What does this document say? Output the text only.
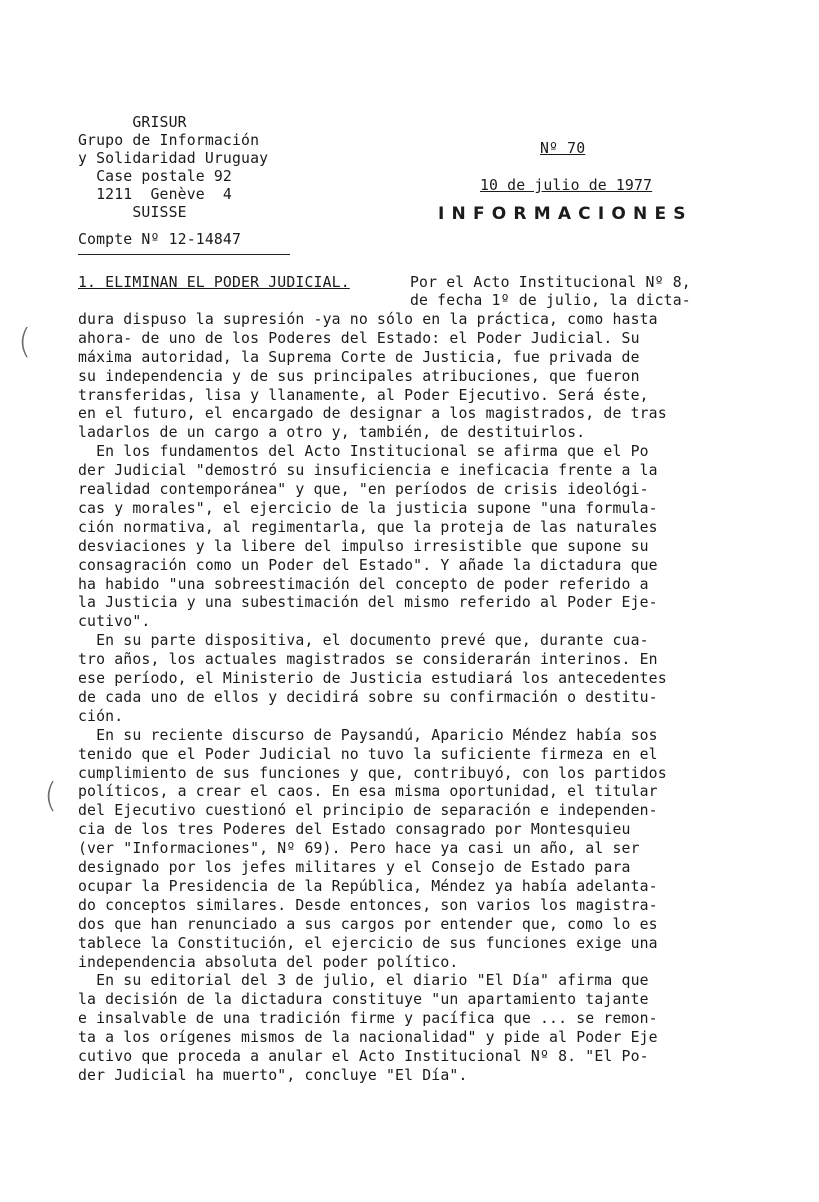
GRISUR
Grupo de Información
y Solidaridad Uruguay
Case postale 92
1211  Genève  4
SUISSE
Compte Nº 12-14847
Nº 70
10 de julio de 1977
INFORMACIONES
1. ELIMINAN EL PODER JUDICIAL.	Por el Acto Institucional Nº 8,
de fecha 1º de julio, la dicta-
dura dispuso la supresión -ya no sólo en la práctica, como hasta
ahora- de uno de los Poderes del Estado: el Poder Judicial. Su
máxima autoridad, la Suprema Corte de Justicia, fue privada de
su independencia y de sus principales atribuciones, que fueron
transferidas, lisa y llanamente, al Poder Ejecutivo. Será éste,
en el futuro, el encargado de designar a los magistrados, de tras
ladarlos de un cargo a otro y, también, de destituirlos.
En los fundamentos del Acto Institucional se afirma que el Po
der Judicial "demostró su insuficiencia e ineficacia frente a la
realidad contemporánea" y que, "en períodos de crisis ideológi-
cas y morales", el ejercicio de la justicia supone "una formula-
ción normativa, al regimentarla, que la proteja de las naturales
desviaciones y la libere del impulso irresistible que supone su
consagración como un Poder del Estado". Y añade la dictadura que
ha habido "una sobreestimación del concepto de poder referido a
la Justicia y una subestimación del mismo referido al Poder Eje-
cutivo".
En su parte dispositiva, el documento prevé que, durante cua-
tro años, los actuales magistrados se considerarán interinos. En
ese período, el Ministerio de Justicia estudiará los antecedentes
de cada uno de ellos y decidirá sobre su confirmación o destitu-
ción.
En su reciente discurso de Paysandú, Aparicio Méndez había sos
tenido que el Poder Judicial no tuvo la suficiente firmeza en el
cumplimiento de sus funciones y que, contribuyó, con los partidos
políticos, a crear el caos. En esa misma oportunidad, el titular
del Ejecutivo cuestionó el principio de separación e independen-
cia de los tres Poderes del Estado consagrado por Montesquieu
(ver "Informaciones", Nº 69). Pero hace ya casi un año, al ser
designado por los jefes militares y el Consejo de Estado para
ocupar la Presidencia de la República, Méndez ya había adelanta-
do conceptos similares. Desde entonces, son varios los magistra-
dos que han renunciado a sus cargos por entender que, como lo es
tablece la Constitución, el ejercicio de sus funciones exige una
independencia absoluta del poder político.
En su editorial del 3 de julio, el diario "El Día" afirma que
la decisión de la dictadura constituye "un apartamiento tajante
e insalvable de una tradición firme y pacífica que ... se remon-
ta a los orígenes mismos de la nacionalidad" y pide al Poder Eje
cutivo que proceda a anular el Acto Institucional Nº 8. "El Po-
der Judicial ha muerto", concluye "El Día".
(
(
